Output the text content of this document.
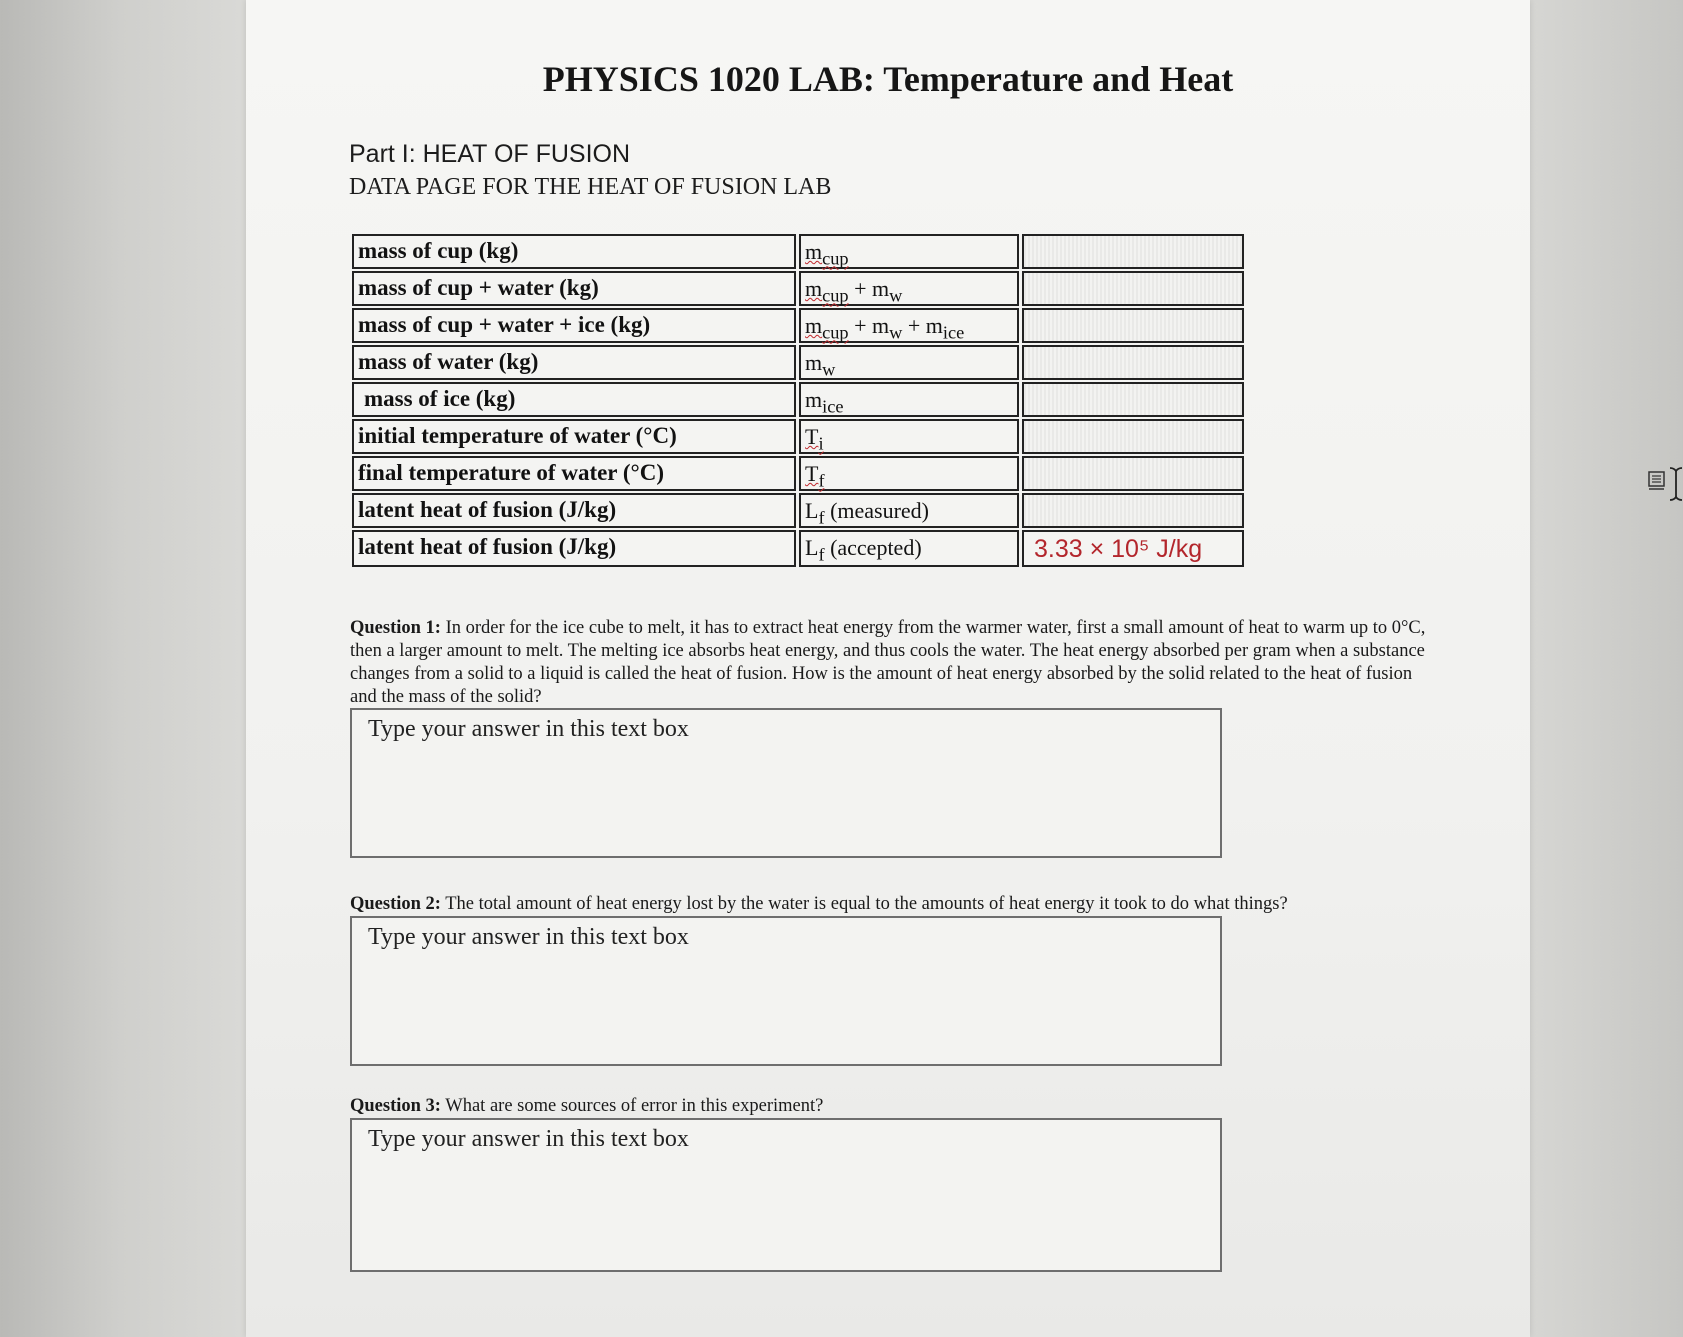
PHYSICS 1020 LAB: Temperature and Heat
Part I: HEAT OF FUSION
DATA PAGE FOR THE HEAT OF FUSION LAB
mass of cup (kg)	$m_{cup}$
mass of cup + water (kg)	$m_{cup} + m_w$
mass of cup + water + ice (kg)	$m_{cup} + m_w + m_{ice}$
mass of water (kg)	$m_w$
mass of ice (kg)	$m_{ice}$
initial temperature of water (°C)	$T_i$
final temperature of water (°C)	$T_f$
latent heat of fusion (J/kg)	$L_f$ (measured)
latent heat of fusion (J/kg)	$L_f$ (accepted)	3.33 × 10⁵ J/kg
Question 1: In order for the ice cube to melt, it has to extract heat energy from the warmer water, first a small amount of heat to warm up to 0°C, then a larger amount to melt. The melting ice absorbs heat energy, and thus cools the water. The heat energy absorbed per gram when a substance changes from a solid to a liquid is called the heat of fusion. How is the amount of heat energy absorbed by the solid related to the heat of fusion and the mass of the solid?
Type your answer in this text box
Question 2: The total amount of heat energy lost by the water is equal to the amounts of heat energy it took to do what things?
Type your answer in this text box
Question 3: What are some sources of error in this experiment?
Type your answer in this text box
